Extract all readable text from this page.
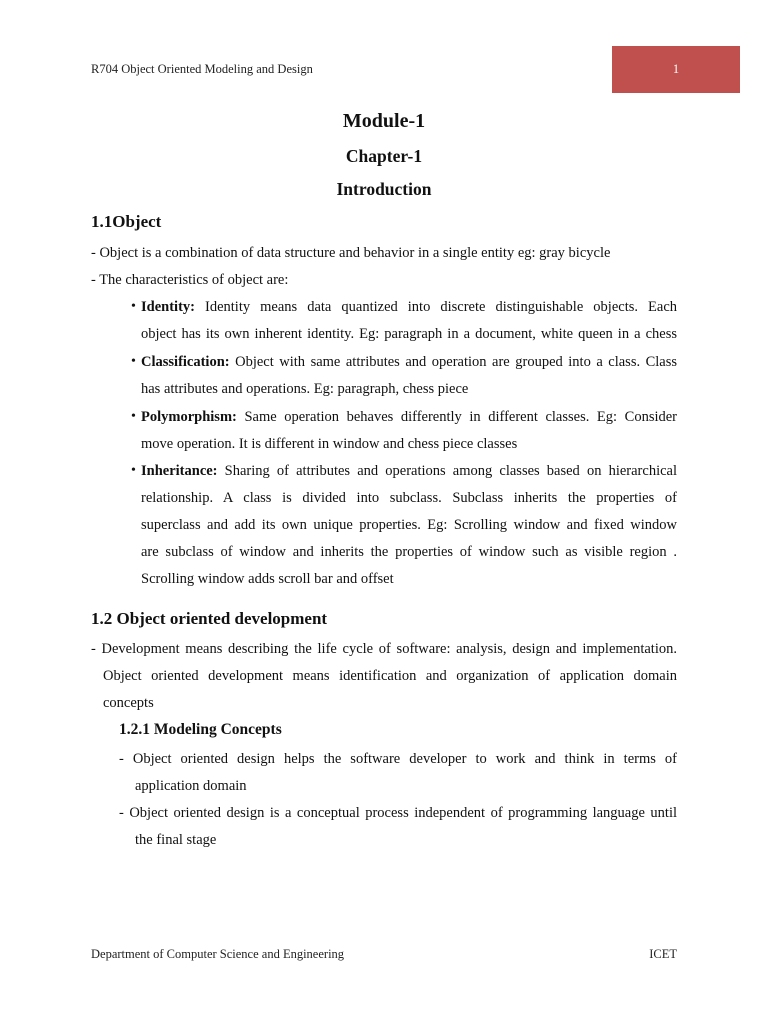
R704 Object Oriented Modeling and Design	1
Module-1
Chapter-1
Introduction
1.1Object
- Object is a combination of data structure and behavior in a single entity eg: gray bicycle
- The characteristics of object are:
• Identity: Identity means data quantized into discrete distinguishable objects. Each
object has its own inherent identity. Eg: paragraph in a document, white queen in a chess
• Classification: Object with same attributes and operation are grouped into a class. Class
has attributes and operations. Eg: paragraph, chess piece
• Polymorphism: Same operation behaves differently in different classes. Eg: Consider
move operation. It is different in window and chess piece classes
• Inheritance: Sharing of attributes and operations among classes based on hierarchical
relationship. A class is divided into subclass. Subclass inherits the properties of
superclass and add its own unique properties. Eg: Scrolling window and fixed window
are subclass of window and inherits the properties of window such as visible region .
Scrolling window adds scroll bar and offset
1.2 Object oriented development
- Development means describing the life cycle of software: analysis, design and implementation.
Object oriented development means identification and organization of application domain
concepts
1.2.1 Modeling Concepts
- Object oriented design helps the software developer to work and think in terms of
application domain
- Object oriented design is a conceptual process independent of programming language until
the final stage
Department of Computer Science and Engineering	ICET
